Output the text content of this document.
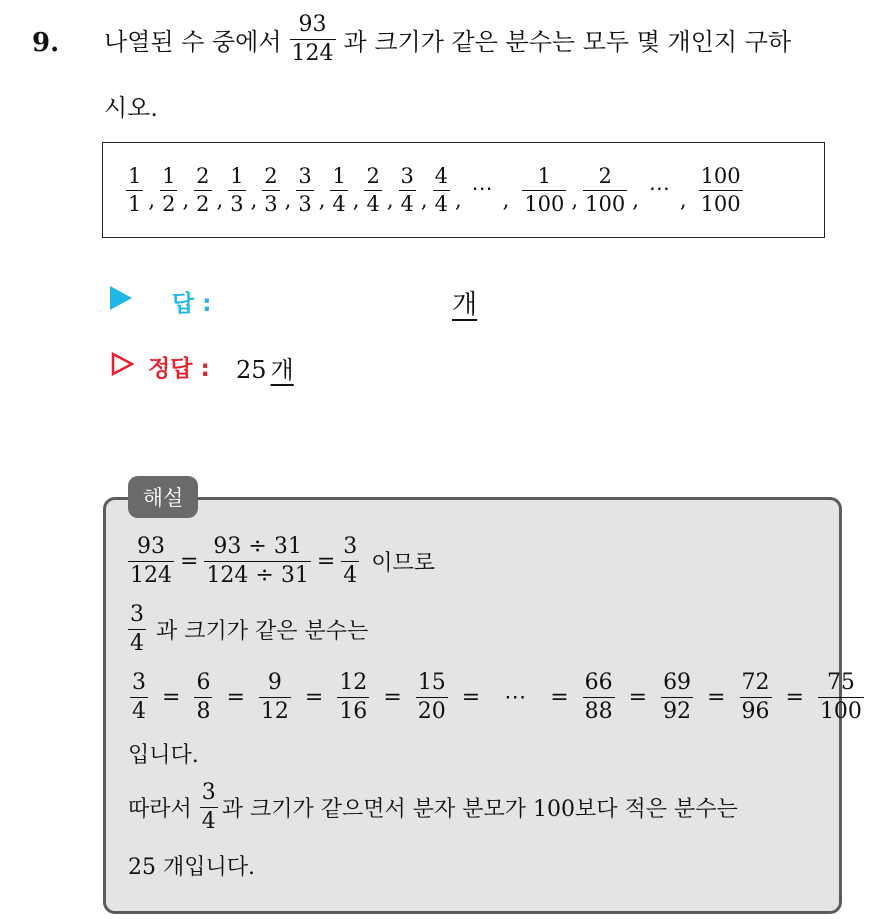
9. 나열된 수 중에서 $\frac{93}{124}$ 과 크기가 같은 분수는 모두 몇 개인지 구하
시오.
$\frac{1}{1}$ , $\frac{1}{2}$ , $\frac{2}{2}$ , $\frac{1}{3}$ , $\frac{2}{3}$ , $\frac{3}{3}$ , $\frac{1}{4}$ , $\frac{2}{4}$ , $\frac{3}{4}$ , $\frac{4}{4}$ , ⋯ , $\frac{1}{100}$ , $\frac{2}{100}$ , ⋯ , $\frac{100}{100}$
답 :	개
정답 : 25 개
해설
$\frac{93}{124} = \frac{93 \div 31}{124 \div 31} = \frac{3}{4}$ 이므로
$\frac{3}{4}$ 과 크기가 같은 분수는
$\frac{3}{4} = \frac{6}{8} = \frac{9}{12} = \frac{12}{16} = \frac{15}{20}$ = ⋯ = $\frac{66}{88} = \frac{69}{92} = \frac{72}{96} = \frac{75}{100}$
입니다.
따라서 $\frac{3}{4}$ 과 크기가 같으면서 분자 분모가 100보다 적은 분수는
25 개입니다.
